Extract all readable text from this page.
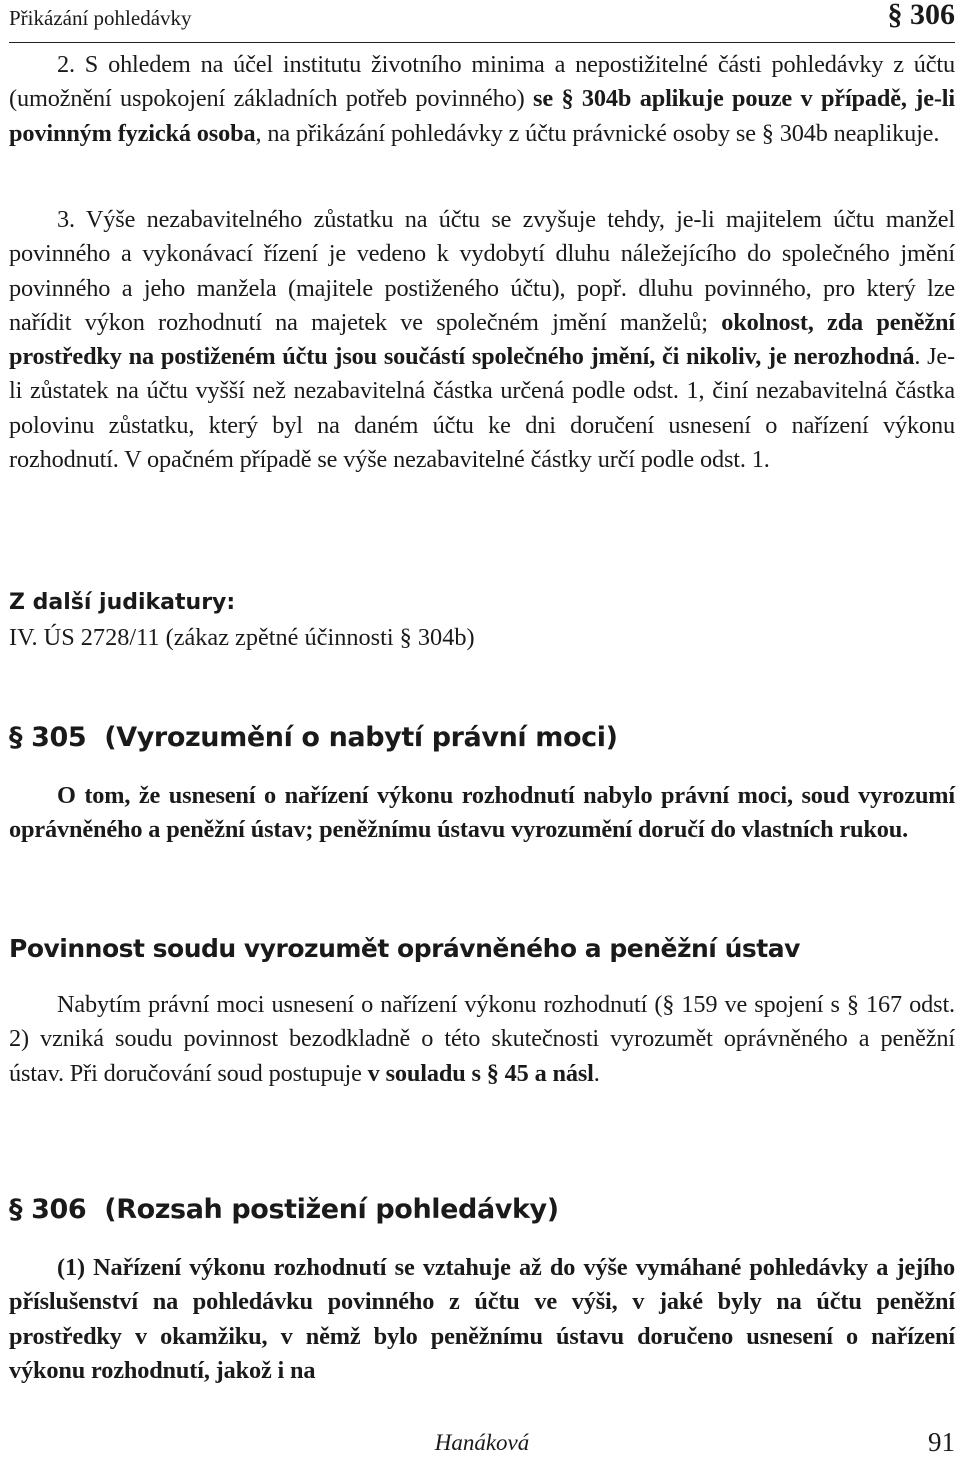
Přikázání pohledávky	§ 306

2. S ohledem na účel institutu životního minima a nepostižitelné části pohledávky z účtu (umožnění uspokojení základních potřeb povinného) se § 304b aplikuje pouze v případě, je-li povinným fyzická osoba, na přikázání pohledávky z účtu právnické osoby se § 304b neaplikuje.

3. Výše nezabavitelného zůstatku na účtu se zvyšuje tehdy, je-li majitelem účtu manžel povinného a vykonávací řízení je vedeno k vydobytí dluhu náležejícího do společného jmění povinného a jeho manžela (majitele postiženého účtu), popř. dluhu povinného, pro který lze nařídit výkon rozhodnutí na majetek ve společném jmění manželů; okolnost, zda peněžní prostředky na postiženém účtu jsou součástí společného jmění, či nikoliv, je nerozhodná. Je-li zůstatek na účtu vyšší než nezabavitelná částka určená podle odst. 1, činí nezabavitelná částka polovinu zůstatku, který byl na daném účtu ke dni doručení usnesení o nařízení výkonu rozhodnutí. V opačném případě se výše nezabavitelné částky určí podle odst. 1.

Z další judikatury:
IV. ÚS 2728/11 (zákaz zpětné účinnosti § 304b)
§ 305 (Vyrozumění o nabytí právní moci)

O tom, že usnesení o nařízení výkonu rozhodnutí nabylo právní moci, soud vyrozumí oprávněného a peněžní ústav; peněžnímu ústavu vyrozumění doručí do vlastních rukou.

Povinnost soudu vyrozumět oprávněného a peněžní ústav

Nabytím právní moci usnesení o nařízení výkonu rozhodnutí (§ 159 ve spojení s § 167 odst. 2) vzniká soudu povinnost bezodkladně o této skutečnosti vyrozumět oprávněného a peněžní ústav. Při doručování soud postupuje v souladu s § 45 a násl.

§ 306 (Rozsah postižení pohledávky)

(1) Nařízení výkonu rozhodnutí se vztahuje až do výše vymáhané pohledávky a jejího příslušenství na pohledávku povinného z účtu ve výši, v jaké byly na účtu peněžní prostředky v okamžiku, v němž bylo peněžnímu ústavu doručeno usnesení o nařízení výkonu rozhodnutí, jakož i na

Hanáková	91
